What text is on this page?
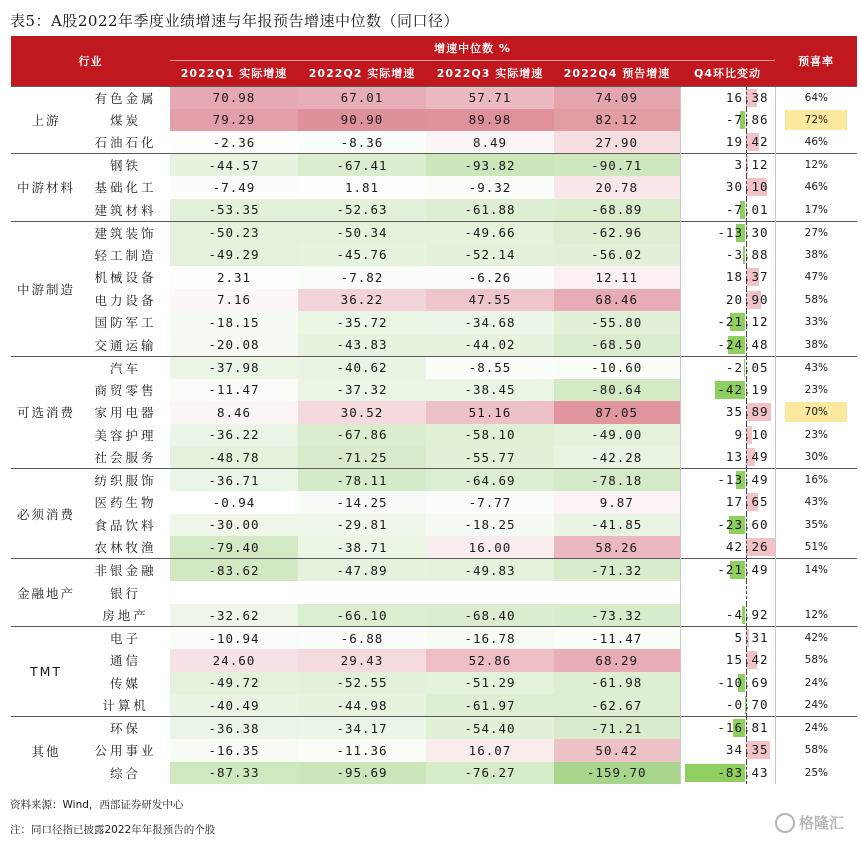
表5：A股2022年季度业绩增速与年报预告增速中位数（同口径）
行业		增速中位数 %					预喜率
		2022Q1 实际增速	2022Q2 实际增速	2022Q3 实际增速	2022Q4 预告增速	Q4环比变动	
上游	有色金属	70.98	67.01	57.71	74.09	16.38	64%
	煤炭	79.29	90.90	89.98	82.12	-7.86	72%
	石油石化	-2.36	-8.36	8.49	27.90	19.42	46%
中游材料	钢铁	-44.57	-67.41	-93.82	-90.71	3.12	12%
	基础化工	-7.49	1.81	-9.32	20.78	30.10	46%
	建筑材料	-53.35	-52.63	-61.88	-68.89	-7.01	17%
中游制造	建筑装饰	-50.23	-50.34	-49.66	-62.96	-13.30	27%
	轻工制造	-49.29	-45.76	-52.14	-56.02	-3.88	38%
	机械设备	2.31	-7.82	-6.26	12.11	18.37	47%
	电力设备	7.16	36.22	47.55	68.46	20.90	58%
	国防军工	-18.15	-35.72	-34.68	-55.80	-21.12	33%
	交通运输	-20.08	-43.83	-44.02	-68.50	-24.48	38%
可选消费	汽车	-37.98	-40.62	-8.55	-10.60	-2.05	43%
	商贸零售	-11.47	-37.32	-38.45	-80.64	-42.19	23%
	家用电器	8.46	30.52	51.16	87.05	35.89	70%
	美容护理	-36.22	-67.86	-58.10	-49.00	9.10	23%
	社会服务	-48.78	-71.25	-55.77	-42.28	13.49	30%
必须消费	纺织服饰	-36.71	-78.11	-64.69	-78.18	-13.49	16%
	医药生物	-0.94	-14.25	-7.77	9.87	17.65	43%
	食品饮料	-30.00	-29.81	-18.25	-41.85	-23.60	35%
	农林牧渔	-79.40	-38.71	16.00	58.26	42.26	51%
金融地产	非银金融	-83.62	-47.89	-49.83	-71.32	-21.49	14%
	银行					

	房地产	-32.62	-66.10	-68.40	-73.32	-4.92	12%
TMT	电子	-10.94	-6.88	-16.78	-11.47	5.31	42%
	通信	24.60	29.43	52.86	68.29	15.42	58%
	传媒	-49.72	-52.55	-51.29	-61.98	-10.69	24%
	计算机	-40.49	-44.98	-61.97	-62.67	-0.70	24%
其他	环保	-36.38	-34.17	-54.40	-71.21	-16.81	24%
	公用事业	-16.35	-11.36	16.07	50.42	34.35	58%
	综合	-87.33	-95.69	-76.27	-159.70	-83.43	25%
资料来源：Wind，西部证券研发中心
注：同口径指已披露2022年年报预告的个股	格隆汇
